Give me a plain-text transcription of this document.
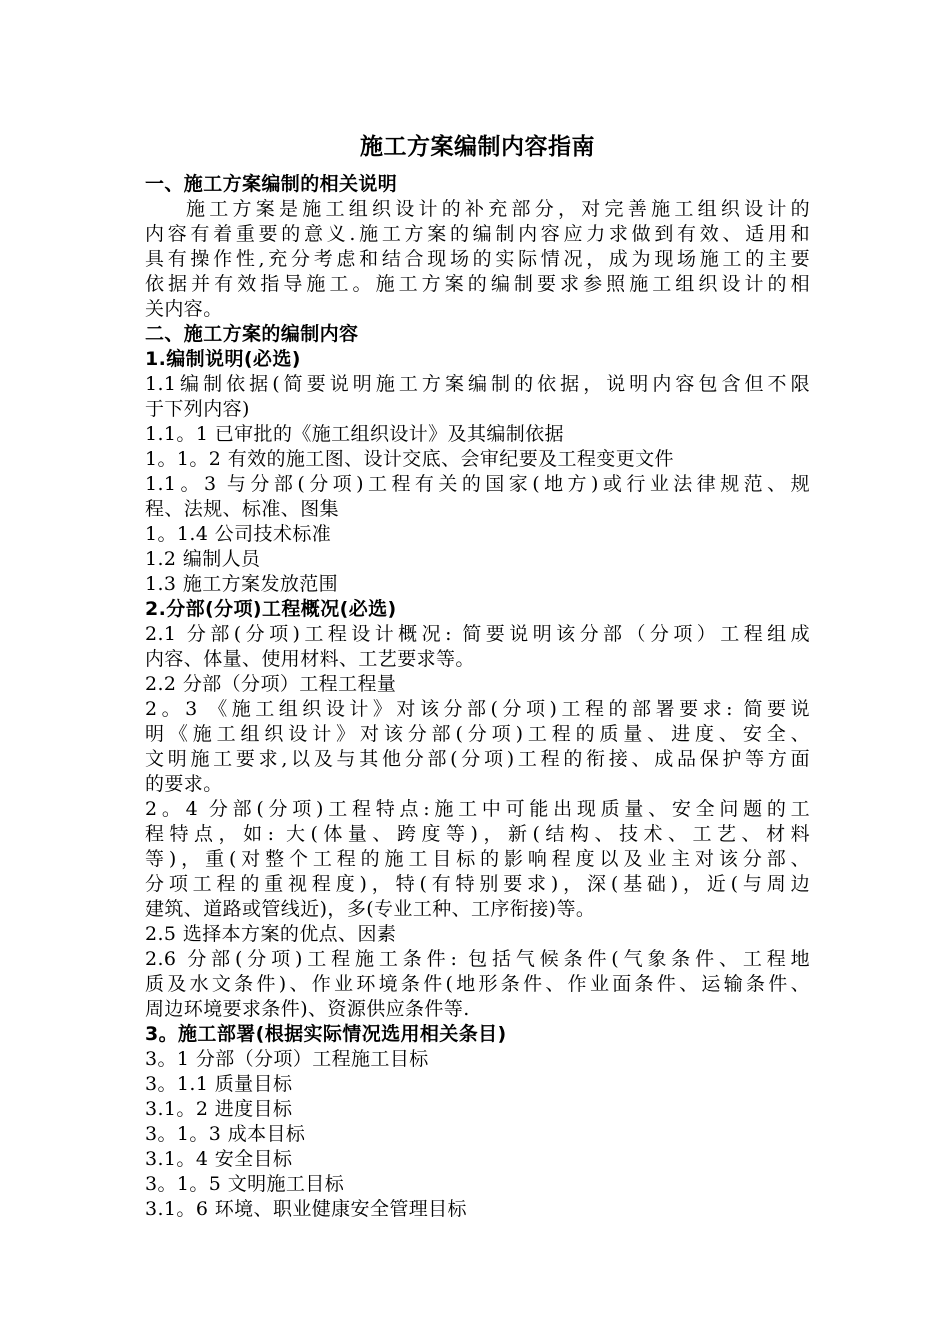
施工方案编制内容指南
一、施工方案编制的相关说明
施工方案是施工组织设计的补充部分，对完善施工组织设计的
内容有着重要的意义.施工方案的编制内容应力求做到有效、适用和
具有操作性,充分考虑和结合现场的实际情况，成为现场施工的主要
依据并有效指导施工。施工方案的编制要求参照施工组织设计的相
关内容。
二、施工方案的编制内容
1.编制说明(必选)
1.1编制依据(简要说明施工方案编制的依据，说明内容包含但不限
于下列内容)
1.1。1 已审批的《施工组织设计》及其编制依据
1。1。2 有效的施工图、设计交底、会审纪要及工程变更文件
1.1。3 与分部(分项)工程有关的国家(地方)或行业法律规范、规
程、法规、标准、图集
1。1.4 公司技术标准
1.2 编制人员
1.3 施工方案发放范围
2.分部(分项)工程概况(必选)
2.1 分部(分项)工程设计概况: 简要说明该分部（分项）工程组成
内容、体量、使用材料、工艺要求等。
2.2 分部（分项）工程工程量
2。3 《施工组织设计》对该分部(分项)工程的部署要求: 简要说
明《施工组织设计》对该分部(分项)工程的质量、进度、安全、
文明施工要求,以及与其他分部(分项)工程的衔接、成品保护等方面
的要求。
2。4 分部(分项)工程特点:施工中可能出现质量、安全问题的工
程特点，如: 大(体量、跨度等)，新(结构、技术、工艺、材料
等)，重(对整个工程的施工目标的影响程度以及业主对该分部、
分项工程的重视程度)，特(有特别要求)，深(基础)，近(与周边
建筑、道路或管线近)，多(专业工种、工序衔接)等。
2.5 选择本方案的优点、因素
2.6 分部(分项)工程施工条件: 包括气候条件(气象条件、工程地
质及水文条件)、作业环境条件(地形条件、作业面条件、运输条件、
周边环境要求条件)、资源供应条件等.
3。施工部署(根据实际情况选用相关条目)
3。1 分部（分项）工程施工目标
3。1.1 质量目标
3.1。2 进度目标
3。1。3 成本目标
3.1。4 安全目标
3。1。5 文明施工目标
3.1。6 环境、职业健康安全管理目标
